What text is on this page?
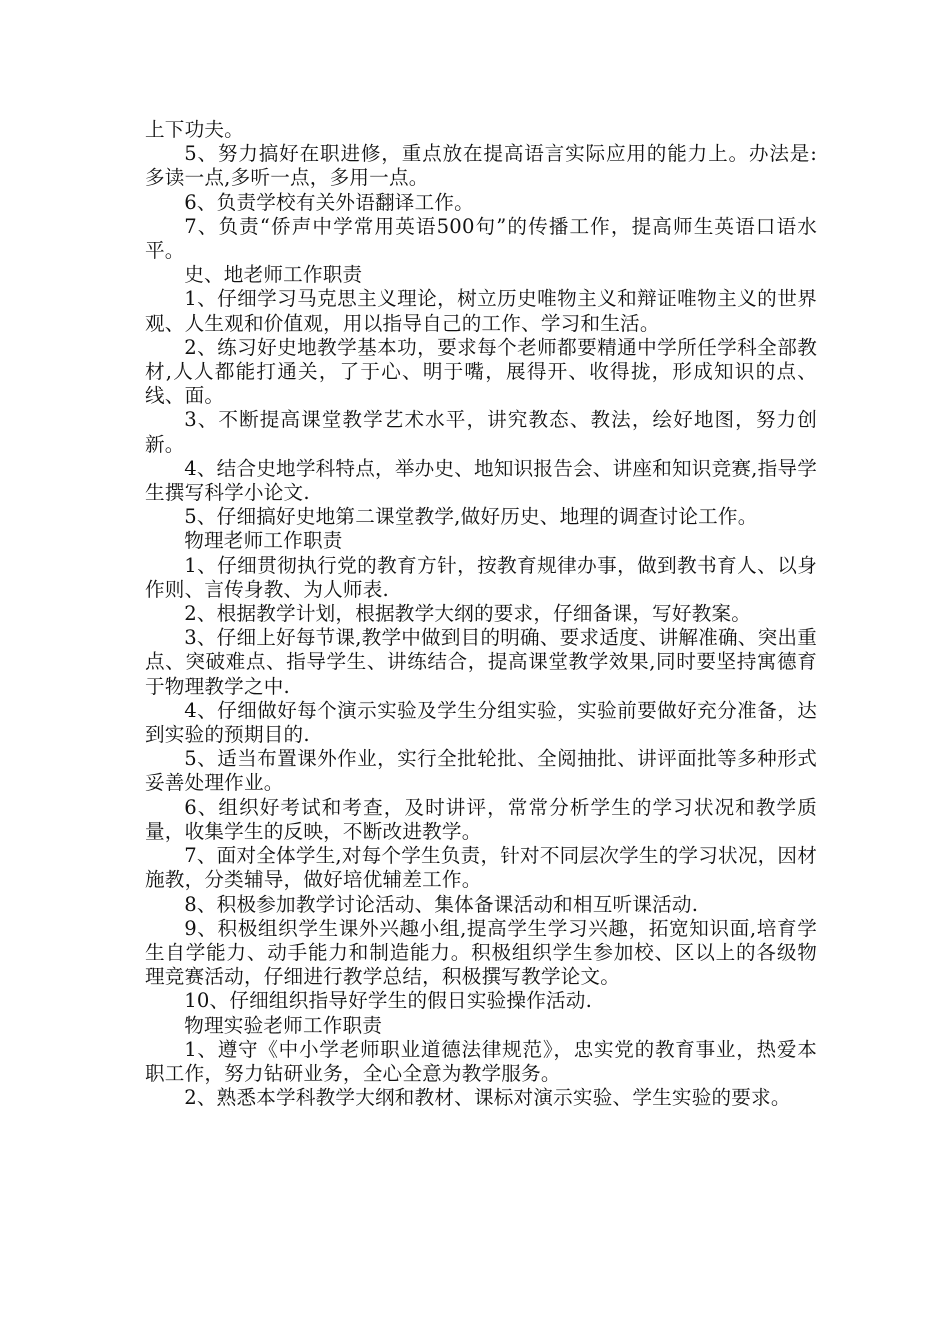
上下功夫。

5、努力搞好在职进修，重点放在提高语言实际应用的能力上。办法是:多读一点,多听一点，多用一点。

6、负责学校有关外语翻译工作。

7、负责“侨声中学常用英语500句”的传播工作，提高师生英语口语水平。

史、地老师工作职责

1、仔细学习马克思主义理论，树立历史唯物主义和辩证唯物主义的世界观、人生观和价值观，用以指导自己的工作、学习和生活。

2、练习好史地教学基本功，要求每个老师都要精通中学所任学科全部教材,人人都能打通关，了于心、明于嘴，展得开、收得拢，形成知识的点、线、面。

3、不断提高课堂教学艺术水平，讲究教态、教法，绘好地图，努力创新。

4、结合史地学科特点，举办史、地知识报告会、讲座和知识竞赛,指导学生撰写科学小论文.

5、仔细搞好史地第二课堂教学,做好历史、地理的调查讨论工作。

物理老师工作职责

1、仔细贯彻执行党的教育方针，按教育规律办事，做到教书育人、以身作则、言传身教、为人师表.

2、根据教学计划，根据教学大纲的要求，仔细备课，写好教案。

3、仔细上好每节课,教学中做到目的明确、要求适度、讲解准确、突出重点、突破难点、指导学生、讲练结合，提高课堂教学效果,同时要坚持寓德育于物理教学之中.

4、仔细做好每个演示实验及学生分组实验，实验前要做好充分准备，达到实验的预期目的.

5、适当布置课外作业，实行全批轮批、全阅抽批、讲评面批等多种形式妥善处理作业。

6、组织好考试和考查，及时讲评，常常分析学生的学习状况和教学质量，收集学生的反映，不断改进教学。

7、面对全体学生,对每个学生负责，针对不同层次学生的学习状况，因材施教，分类辅导，做好培优辅差工作。

8、积极参加教学讨论活动、集体备课活动和相互听课活动.

9、积极组织学生课外兴趣小组,提高学生学习兴趣，拓宽知识面,培育学生自学能力、动手能力和制造能力。积极组织学生参加校、区以上的各级物理竞赛活动，仔细进行教学总结，积极撰写教学论文。

10、仔细组织指导好学生的假日实验操作活动.

物理实验老师工作职责

1、遵守《中小学老师职业道德法律规范》，忠实党的教育事业，热爱本职工作，努力钻研业务，全心全意为教学服务。

2、熟悉本学科教学大纲和教材、课标对演示实验、学生实验的要求。
